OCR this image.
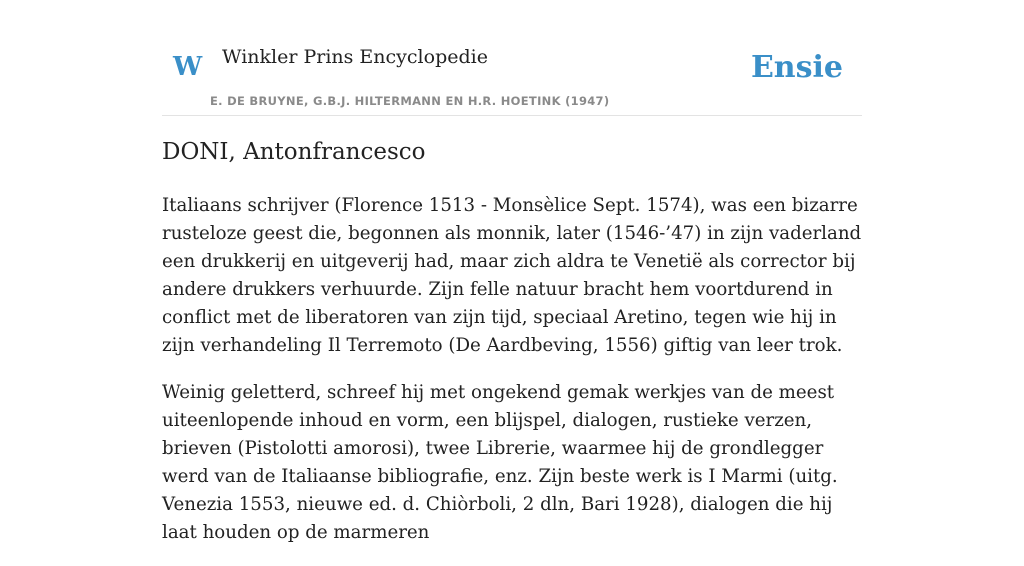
W Winkler Prins Encyclopedie
E. DE BRUYNE, G.B.J. HILTERMANN EN H.R. HOETINK (1947)
Ensie
DONI, Antonfrancesco

Italiaans schrijver (Florence 1513 - Monsèlice Sept. 1574), was een bizarre rusteloze geest die, begonnen als monnik, later (1546-’47) in zijn vaderland een drukkerij en uitgeverij had, maar zich aldra te Venetië als corrector bij andere drukkers verhuurde. Zijn felle natuur bracht hem voortdurend in conflict met de liberatoren van zijn tijd, speciaal Aretino, tegen wie hij in zijn verhandeling Il Terremoto (De Aardbeving, 1556) giftig van leer trok.

Weinig geletterd, schreef hij met ongekend gemak werkjes van de meest uiteenlopende inhoud en vorm, een blijspel, dialogen, rustieke verzen, brieven (Pistolotti amorosi), twee Librerie, waarmee hij de grondlegger werd van de Italiaanse bibliografie, enz. Zijn beste werk is I Marmi (uitg. Venezia 1553, nieuwe ed. d. Chiòrboli, 2 dln, Bari 1928), dialogen die hij laat houden op de marmeren
